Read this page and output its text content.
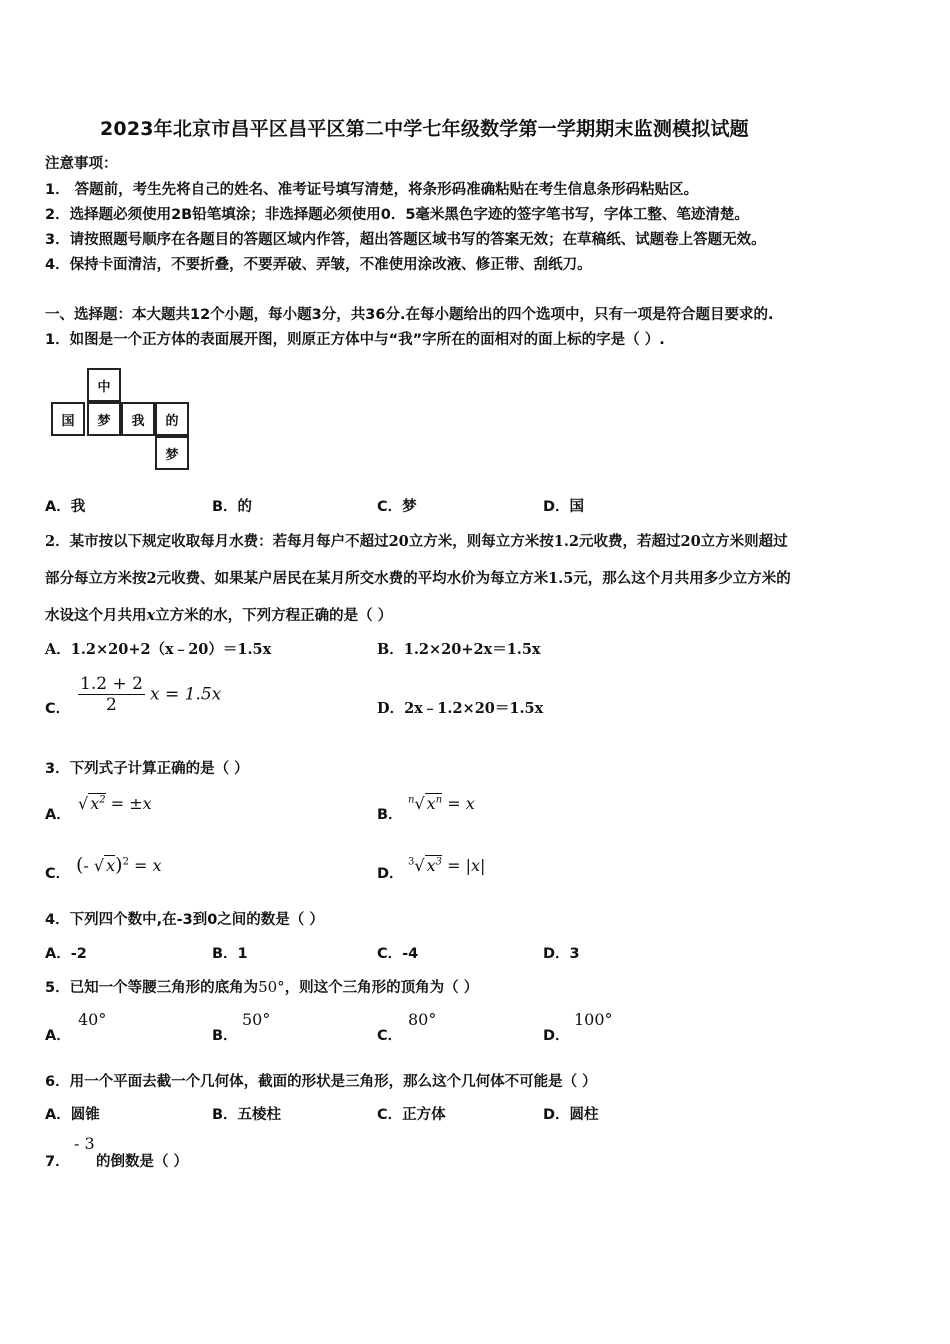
2023年北京市昌平区昌平区第二中学七年级数学第一学期期末监测模拟试题
注意事项：
1． 答题前，考生先将自己的姓名、准考证号填写清楚，将条形码准确粘贴在考生信息条形码粘贴区。
2．选择题必须使用2B铅笔填涂；非选择题必须使用0．5毫米黑色字迹的签字笔书写，字体工整、笔迹清楚。
3．请按照题号顺序在各题目的答题区域内作答，超出答题区域书写的答案无效；在草稿纸、试题卷上答题无效。
4．保持卡面清洁，不要折叠，不要弄破、弄皱，不准使用涂改液、修正带、刮纸刀。
一、选择题：本大题共12个小题，每小题3分，共36分.在每小题给出的四个选项中，只有一项是符合题目要求的.
1．如图是一个正方体的表面展开图，则原正方体中与“我”字所在的面相对的面上标的字是（ ）.
中
国	梦	我	的
梦
A．我	B．的	C．梦	D．国
2．某市按以下规定收取每月水费：若每月每户不超过20立方米，则每立方米按1.2元收费，若超过20立方米则超过
部分每立方米按2元收费、如果某户居民在某月所交水费的平均水价为每立方米1.5元，那么这个月共用多少立方米的
水设这个月共用x立方米的水，下列方程正确的是（ ）
A．1.2×20+2（x﹣20）＝1.5x	B．1.2×20+2x＝1.5x
C． $\frac{1.2 + 2}{2}$ x = 1.5x
D．2x﹣1.2×20＝1.5x
3．下列式子计算正确的是（ ）
A．
√ $x^2 = \pm x$
B．
$^n$√ $x^n = x$
C． (- √ x)$^2$ = x	D．
$^3$√ $x^3 = |x|$
4．下列四个数中,在-3到0之间的数是（ ）
A．-2	B．1	C．-4	D．3
5．已知一个等腰三角形的底角为50°，则这个三角形的顶角为（ ）
A．
40°
B．
50°
C．
80°
D．
100°
6．用一个平面去截一个几何体，截面的形状是三角形，那么这个几何体不可能是（ ）
A．圆锥	B．五棱柱	C．正方体	D．圆柱
7．
- 3
的倒数是（ ）
